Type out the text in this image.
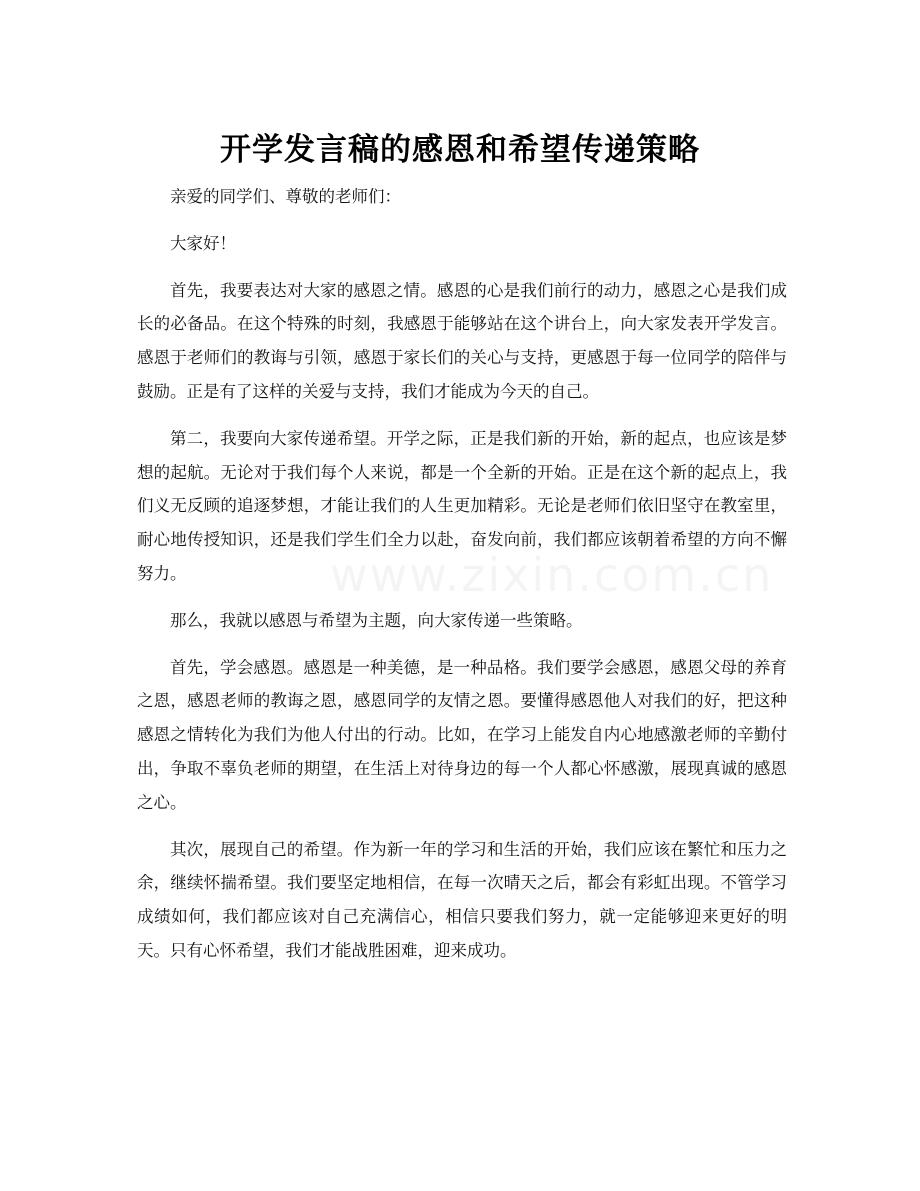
开学发言稿的感恩和希望传递策略

亲爱的同学们、尊敬的老师们：

大家好！

首先，我要表达对大家的感恩之情。感恩的心是我们前行的动力，感恩之心是我们成长的必备品。在这个特殊的时刻，我感恩于能够站在这个讲台上，向大家发表开学发言。感恩于老师们的教诲与引领，感恩于家长们的关心与支持，更感恩于每一位同学的陪伴与鼓励。正是有了这样的关爱与支持，我们才能成为今天的自己。

第二，我要向大家传递希望。开学之际，正是我们新的开始，新的起点，也应该是梦想的起航。无论对于我们每个人来说，都是一个全新的开始。正是在这个新的起点上，我们义无反顾的追逐梦想，才能让我们的人生更加精彩。无论是老师们依旧坚守在教室里，耐心地传授知识，还是我们学生们全力以赴，奋发向前，我们都应该朝着希望的方向不懈努力。

那么，我就以感恩与希望为主题，向大家传递一些策略。

首先，学会感恩。感恩是一种美德，是一种品格。我们要学会感恩，感恩父母的养育之恩，感恩老师的教诲之恩，感恩同学的友情之恩。要懂得感恩他人对我们的好，把这种感恩之情转化为我们为他人付出的行动。比如，在学习上能发自内心地感激老师的辛勤付出，争取不辜负老师的期望，在生活上对待身边的每一个人都心怀感激，展现真诚的感恩之心。

其次，展现自己的希望。作为新一年的学习和生活的开始，我们应该在繁忙和压力之余，继续怀揣希望。我们要坚定地相信，在每一次晴天之后，都会有彩虹出现。不管学习成绩如何，我们都应该对自己充满信心，相信只要我们努力，就一定能够迎来更好的明天。只有心怀希望，我们才能战胜困难，迎来成功。
